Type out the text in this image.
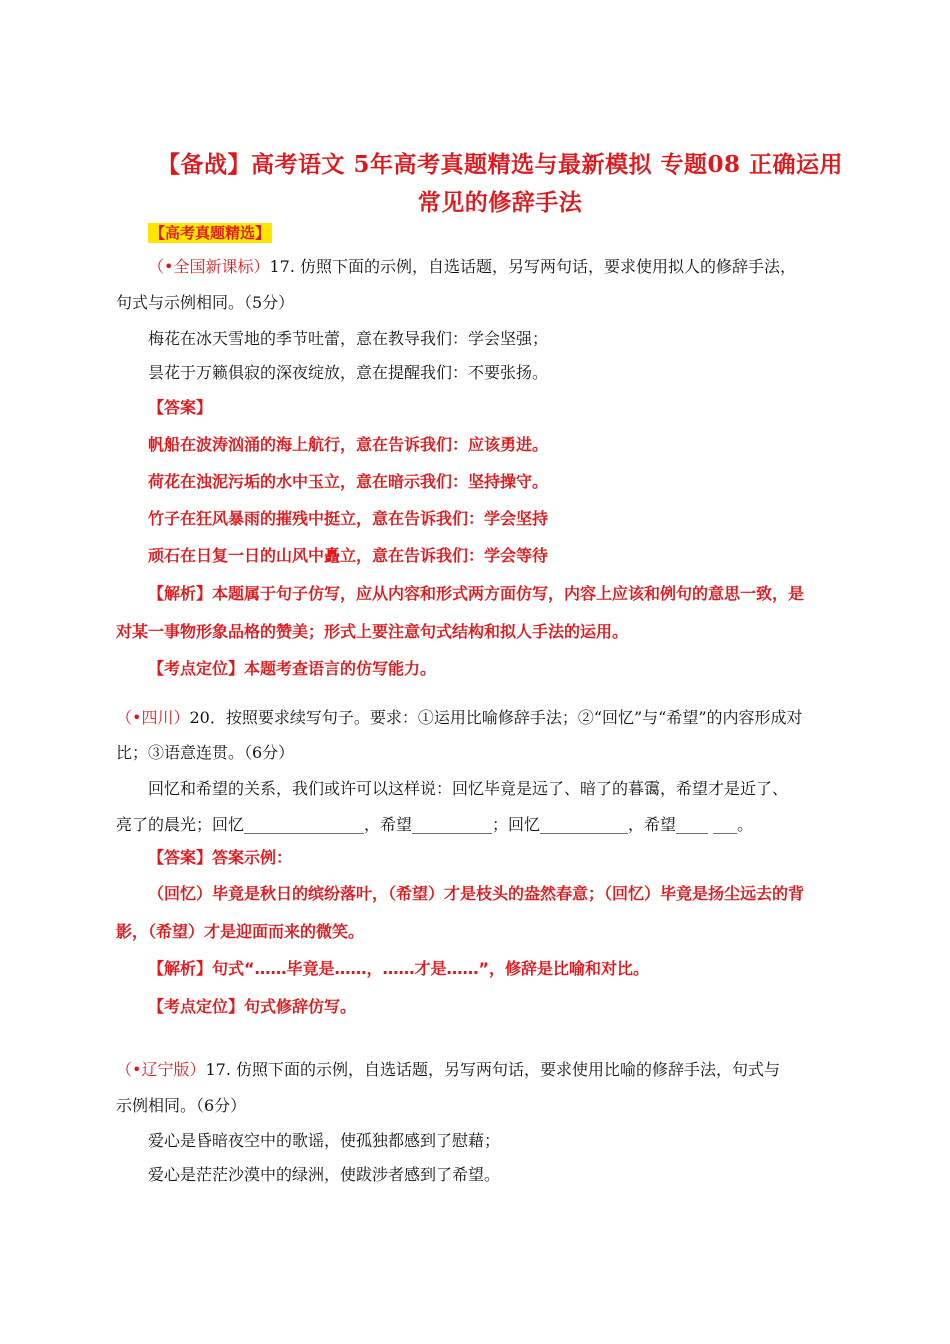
【备战】高考语文 5年高考真题精选与最新模拟 专题08 正确运用
常见的修辞手法
【高考真题精选】
（•全国新课标）17. 仿照下面的示例，自选话题，另写两句话，要求使用拟人的修辞手法，
句式与示例相同。（5分）
梅花在冰天雪地的季节吐蕾，意在教导我们：学会坚强；
昙花于万籁俱寂的深夜绽放，意在提醒我们：不要张扬。
【答案】
帆船在波涛汹涌的海上航行，意在告诉我们：应该勇进。
荷花在浊泥污垢的水中玉立，意在暗示我们：坚持操守。
竹子在狂风暴雨的摧残中挺立，意在告诉我们：学会坚持
顽石在日复一日的山风中矗立，意在告诉我们：学会等待
【解析】本题属于句子仿写，应从内容和形式两方面仿写，内容上应该和例句的意思一致，是
对某一事物形象品格的赞美；形式上要注意句式结构和拟人手法的运用。
【考点定位】本题考查语言的仿写能力。
（•四川）20．按照要求续写句子。要求：①运用比喻修辞手法；②“回忆”与“希望”的内容形成对
比；③语意连贯。（6分）
回忆和希望的关系，我们或许可以这样说：回忆毕竟是远了、暗了的暮霭，希望才是近了、
亮了的晨光；回忆_______________，希望__________；回忆___________，希望____ ___。
【答案】答案示例：
（回忆）毕竟是秋日的缤纷落叶，（希望）才是枝头的盎然春意；（回忆）毕竟是扬尘远去的背
影，（希望）才是迎面而来的微笑。
【解析】句式“……毕竟是……，……才是……”，修辞是比喻和对比。
【考点定位】句式修辞仿写。
（•辽宁版）17. 仿照下面的示例，自选话题，另写两句话，要求使用比喻的修辞手法，句式与
示例相同。（6分）
爱心是昏暗夜空中的歌谣，使孤独都感到了慰藉；
爱心是茫茫沙漠中的绿洲，使跋涉者感到了希望。
